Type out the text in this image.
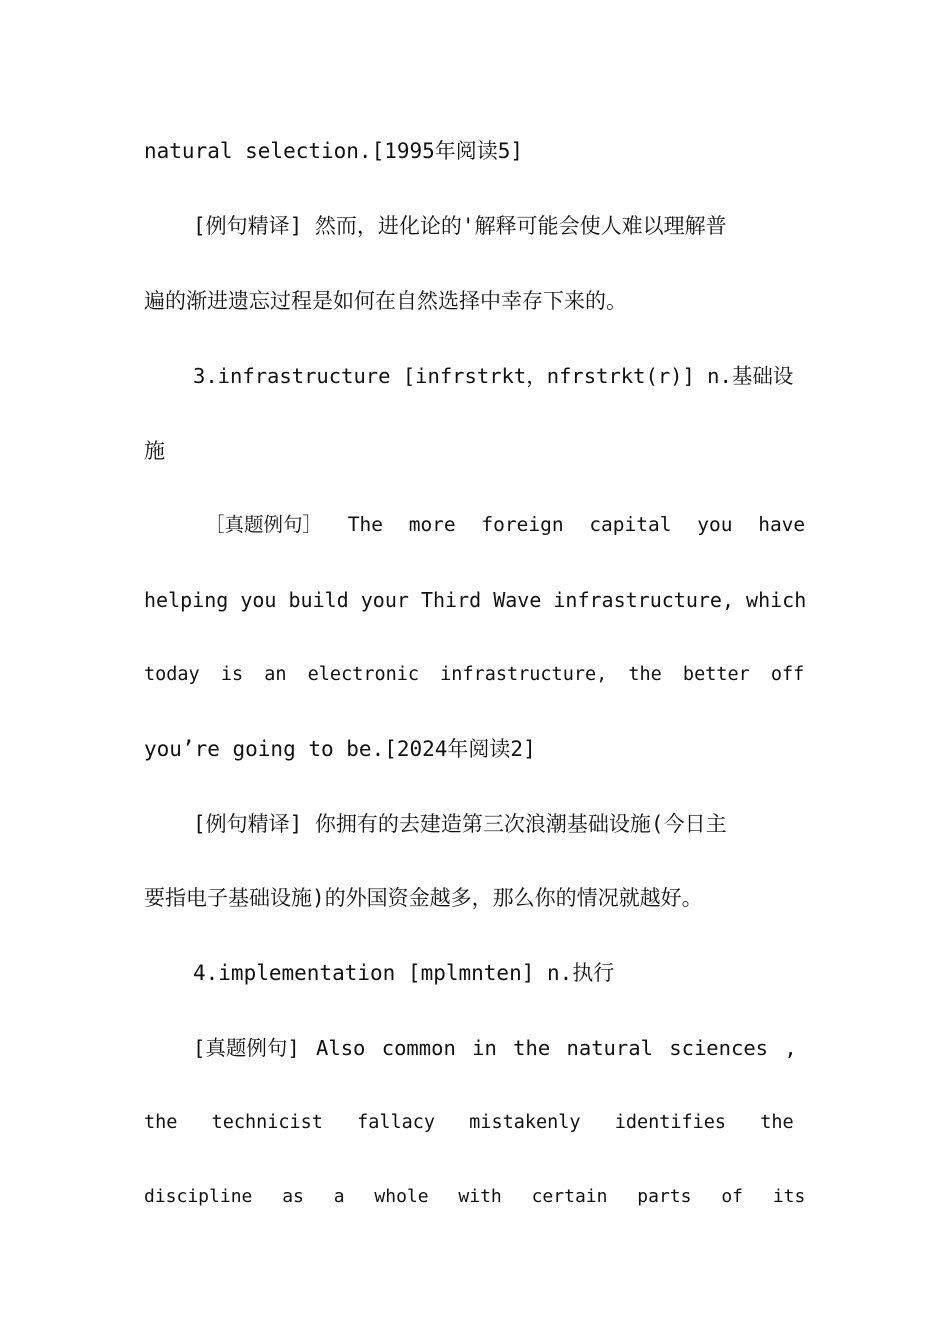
natural selection.[1995年阅读5]
[例句精译] 然而，进化论的'解释可能会使人难以理解普
遍的渐进遗忘过程是如何在自然选择中幸存下来的。
3.infrastructure [infrstrkt，nfrstrkt(r)] n.基础设
施
［真题例句］ The more foreign capital you have
helping you build your Third Wave infrastructure, which
today is an electronic infrastructure, the better off
you’re going to be.[2024年阅读2]
[例句精译] 你拥有的去建造第三次浪潮基础设施(今日主
要指电子基础设施)的外国资金越多，那么你的情况就越好。
4.implementation [mplmnten] n.执行
[真题例句] Also common in the natural sciences ,
the technicist fallacy mistakenly identifies the
discipline as a whole with certain parts of its
